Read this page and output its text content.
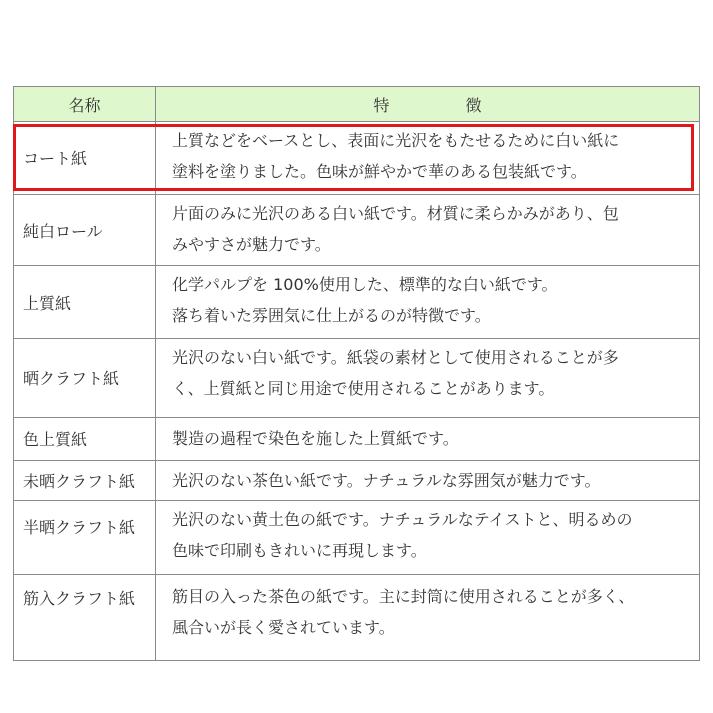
名称	特　徴
コート紙	上質などをベースとし、表面に光沢をもたせるために白い紙に
塗料を塗りました。色味が鮮やかで華のある包装紙です。

純白ロール	片面のみに光沢のある白い紙です。材質に柔らかみがあり、包
みやすさが魅力です。

上質紙	化学パルプを 100%使用した、標準的な白い紙です。
落ち着いた雰囲気に仕上がるのが特徴です。

晒クラフト紙	光沢のない白い紙です。紙袋の素材として使用されることが多
く、上質紙と同じ用途で使用されることがあります。

色上質紙	製造の過程で染色を施した上質紙です。

未晒クラフト紙	光沢のない茶色い紙です。ナチュラルな雰囲気が魅力です。

半晒クラフト紙	光沢のない黄土色の紙です。ナチュラルなテイストと、明るめの
色味で印刷もきれいに再現します。

筋入クラフト紙	筋目の入った茶色の紙です。主に封筒に使用されることが多く、
風合いが長く愛されています。
